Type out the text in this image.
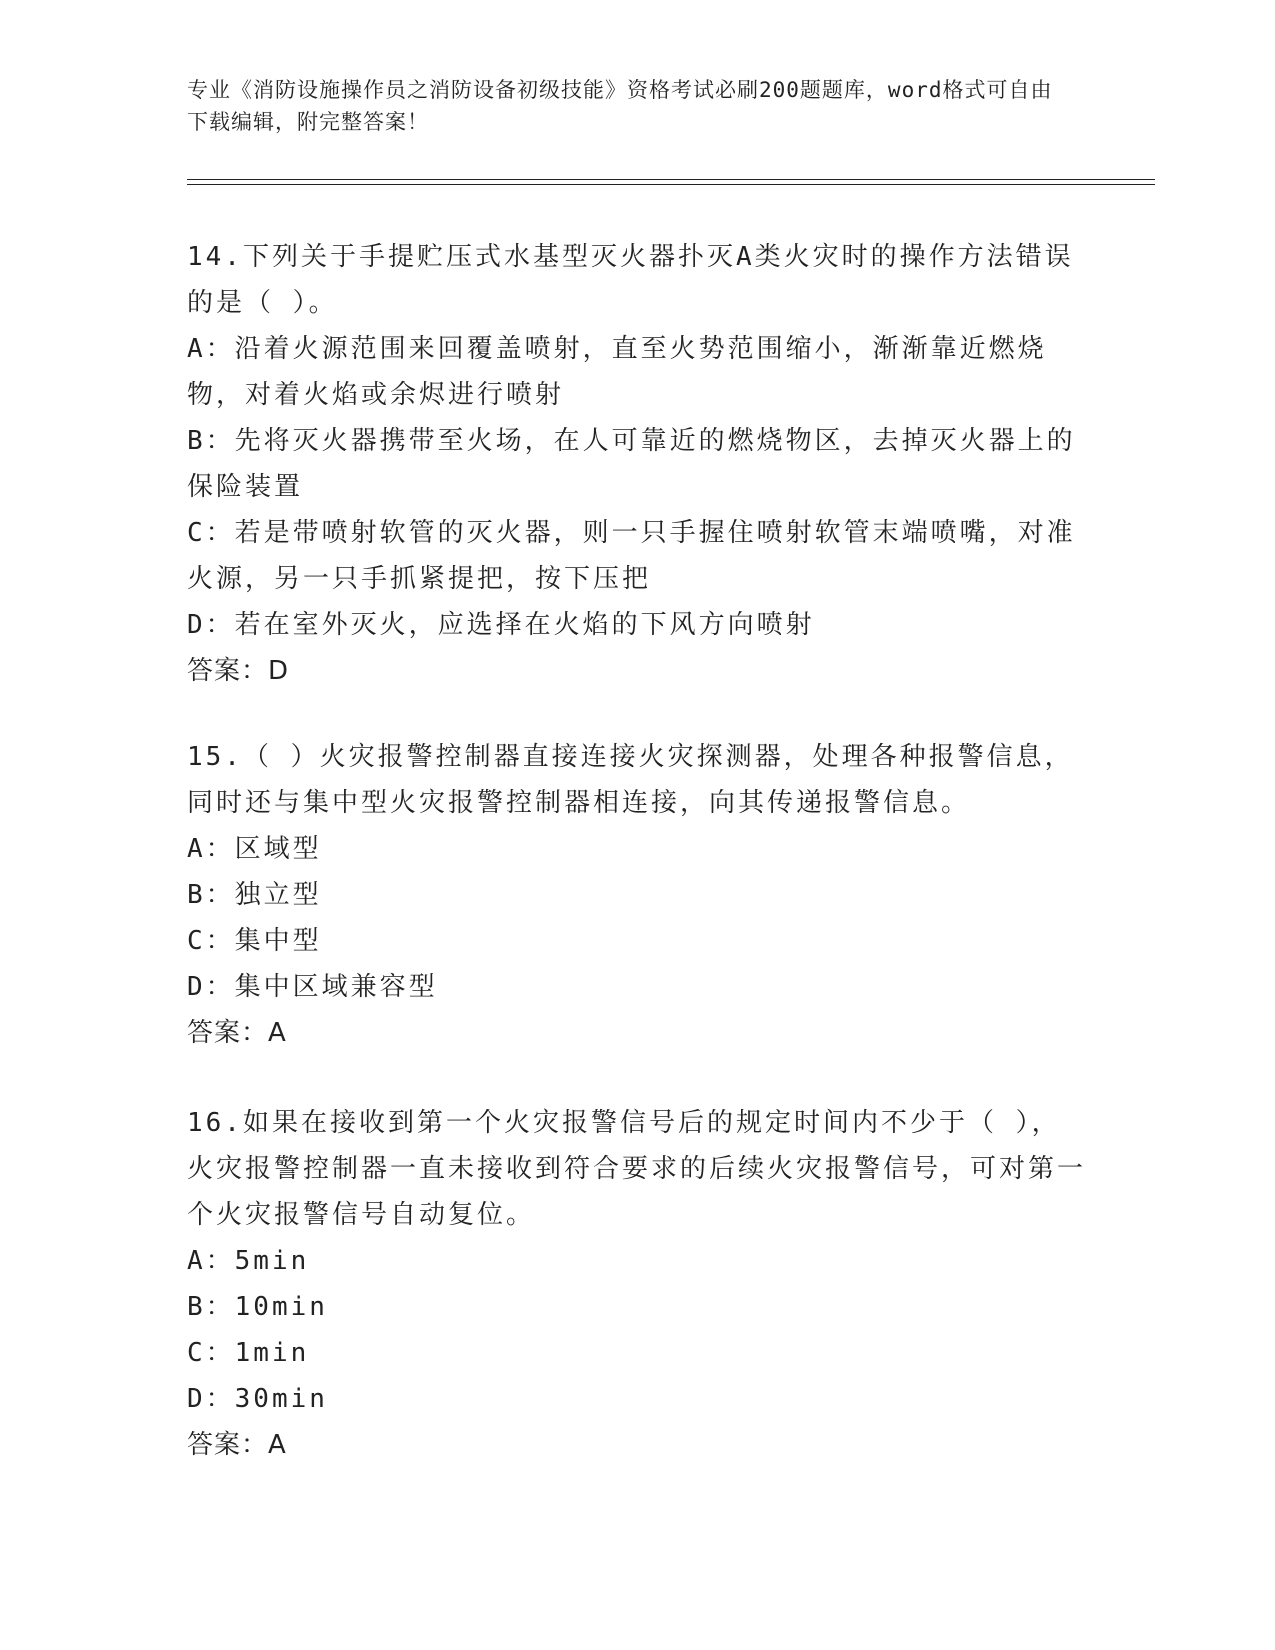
专业《消防设施操作员之消防设备初级技能》资格考试必刷200题题库，word格式可自由下载编辑，附完整答案！

14.下列关于手提贮压式水基型灭火器扑灭A类火灾时的操作方法错误的是（ ）。

A：沿着火源范围来回覆盖喷射，直至火势范围缩小，渐渐靠近燃烧物，对着火焰或余烬进行喷射

B：先将灭火器携带至火场，在人可靠近的燃烧物区，去掉灭火器上的保险装置

C：若是带喷射软管的灭火器，则一只手握住喷射软管末端喷嘴，对准火源，另一只手抓紧提把，按下压把

D：若在室外灭火，应选择在火焰的下风方向喷射

答案：D

15.（ ）火灾报警控制器直接连接火灾探测器，处理各种报警信息，同时还与集中型火灾报警控制器相连接，向其传递报警信息。

A：区域型

B：独立型

C：集中型

D：集中区域兼容型

答案：A

16.如果在接收到第一个火灾报警信号后的规定时间内不少于（ ），火灾报警控制器一直未接收到符合要求的后续火灾报警信号，可对第一个火灾报警信号自动复位。

A：5min

B：10min

C：1min

D：30min

答案：A
